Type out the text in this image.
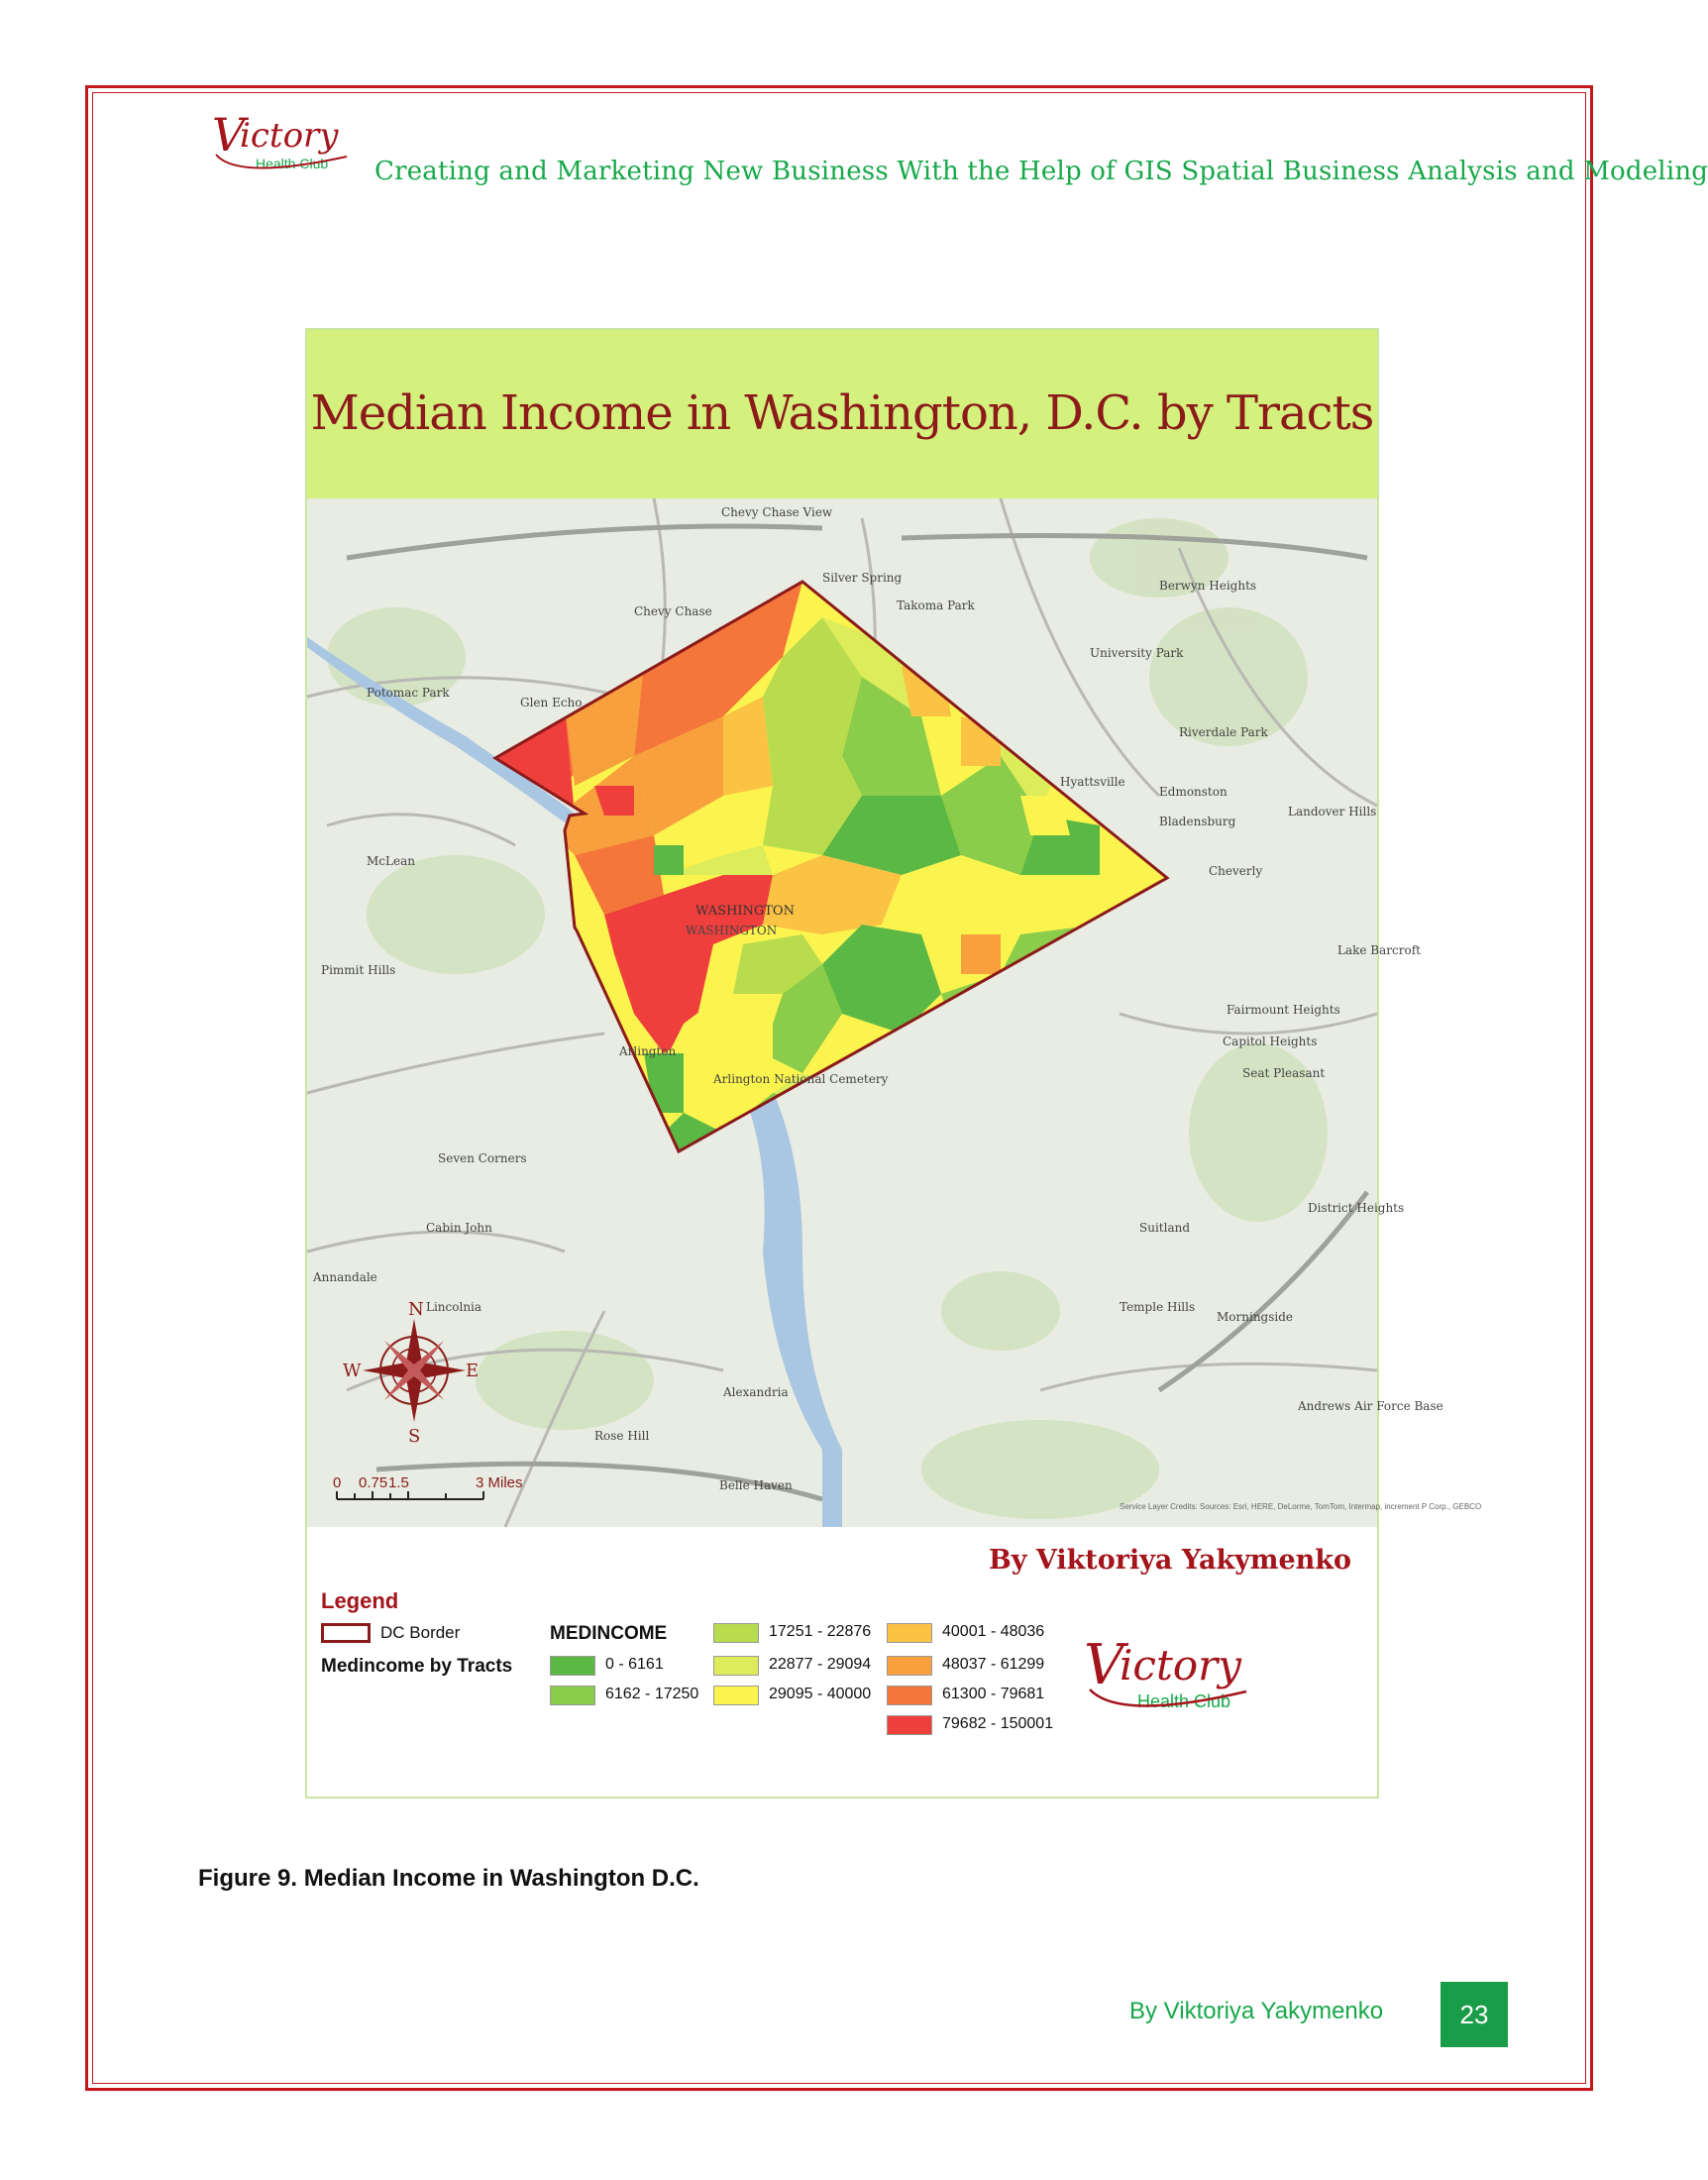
V
ictory
Health Club Creating and Marketing New Business With the Help of GIS Spatial Business Analysis and Modeling
Median Income in Washington, D.C. by Tracts
WASHINGTON
Chevy Chase View
Silver Spring
Takoma Park
Berwyn Heights
University Park
Riverdale Park
Hyattsville
Edmonston
Bladensburg
Landover Hills
Cheverly
Chevy Chase
Glen Echo
McLean
Pimmit Hills
Arlington
Arlington National Cemetery
Seven Corners
Annandale
Lincolnia
Alexandria
Rose Hill
Belle Haven
Fairmount Heights
Seat Pleasant
District Heights
Suitland
Temple Hills
Morningside
Capitol Heights
Andrews Air Force Base
WASHINGTON
Potomac Park
Cabin John
Lake Barcroft
N
S
E
W
0 0.75 1.5	3 Miles
Service Layer Credits: Sources: Esri, HERE, DeLorme, TomTom, Intermap, increment P Corp., GEBCO
By Viktoriya Yakymenko
Legend
DC Border
Medincome by Tracts
MEDINCOME
0 - 6161
6162 - 17250
17251 - 22876
22877 - 29094
29095 - 40000
40001 - 48036
48037 - 61299
61300 - 79681
79682 - 150001
V
ictory
Health Club
Figure 9. Median Income in Washington D.C.
By Viktoriya Yakymenko	23
